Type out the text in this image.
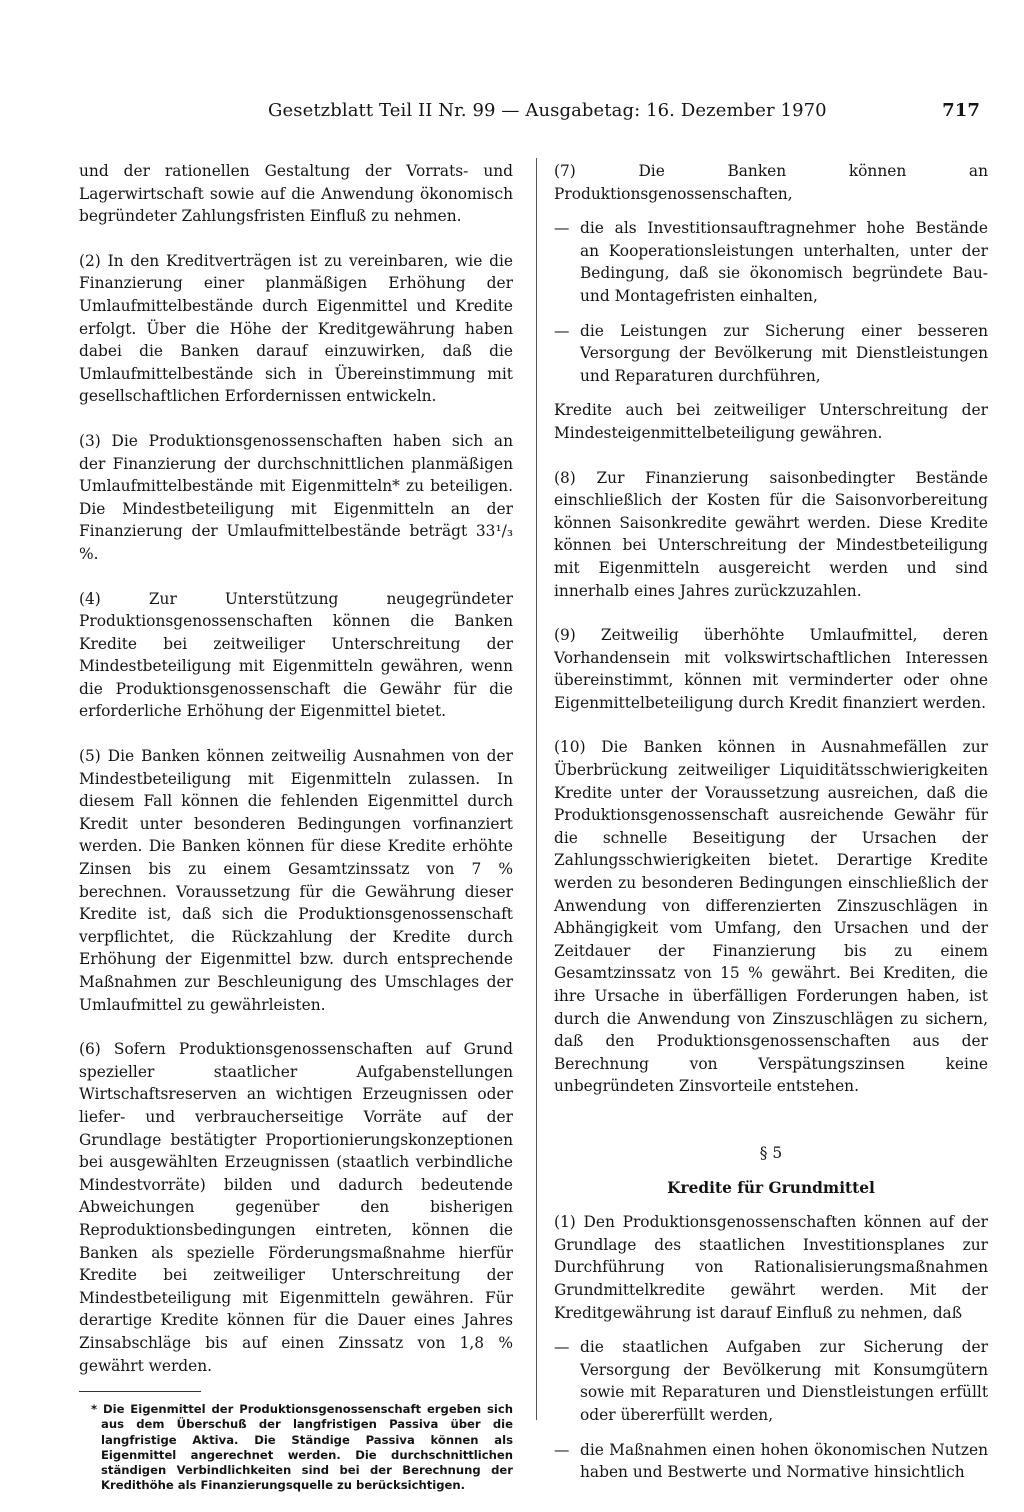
Gesetzblatt Teil II Nr. 99 — Ausgabetag: 16. Dezember 1970	717

und der rationellen Gestaltung der Vorrats- und Lagerwirtschaft sowie auf die Anwendung ökonomisch begründeter Zahlungsfristen Einfluß zu nehmen.

(2) In den Kreditverträgen ist zu vereinbaren, wie die Finanzierung einer planmäßigen Erhöhung der Umlaufmittelbestände durch Eigenmittel und Kredite erfolgt. Über die Höhe der Kreditgewährung haben dabei die Banken darauf einzuwirken, daß die Umlaufmittelbestände sich in Übereinstimmung mit gesellschaftlichen Erfordernissen entwickeln.

(3) Die Produktionsgenossenschaften haben sich an der Finanzierung der durchschnittlichen planmäßigen Umlaufmittelbestände mit Eigenmitteln* zu beteiligen. Die Mindestbeteiligung mit Eigenmitteln an der Finanzierung der Umlaufmittelbestände beträgt 33¹/₃ %.

(4) Zur Unterstützung neugegründeter Produktionsgenossenschaften können die Banken Kredite bei zeitweiliger Unterschreitung der Mindestbeteiligung mit Eigenmitteln gewähren, wenn die Produktionsgenossenschaft die Gewähr für die erforderliche Erhöhung der Eigenmittel bietet.

(5) Die Banken können zeitweilig Ausnahmen von der Mindestbeteiligung mit Eigenmitteln zulassen. In diesem Fall können die fehlenden Eigenmittel durch Kredit unter besonderen Bedingungen vorfinanziert werden. Die Banken können für diese Kredite erhöhte Zinsen bis zu einem Gesamtzinssatz von 7 % berechnen. Voraussetzung für die Gewährung dieser Kredite ist, daß sich die Produktionsgenossenschaft verpflichtet, die Rückzahlung der Kredite durch Erhöhung der Eigenmittel bzw. durch entsprechende Maßnahmen zur Beschleunigung des Umschlages der Umlaufmittel zu gewährleisten.

(6) Sofern Produktionsgenossenschaften auf Grund spezieller staatlicher Aufgabenstellungen Wirtschaftsreserven an wichtigen Erzeugnissen oder liefer- und verbraucherseitige Vorräte auf der Grundlage bestätigter Proportionierungskonzeptionen bei ausgewählten Erzeugnissen (staatlich verbindliche Mindestvorräte) bilden und dadurch bedeutende Abweichungen gegenüber den bisherigen Reproduktionsbedingungen eintreten, können die Banken als spezielle Förderungsmaßnahme hierfür Kredite bei zeitweiliger Unterschreitung der Mindestbeteiligung mit Eigenmitteln gewähren. Für derartige Kredite können für die Dauer eines Jahres Zinsabschläge bis auf einen Zinssatz von 1,8 % gewährt werden.

* Die Eigenmittel der Produktionsgenossenschaft ergeben sich aus dem Überschuß der langfristigen Passiva über die langfristige Aktiva. Die Ständige Passiva können als Eigenmittel angerechnet werden. Die durchschnittlichen ständigen Verbindlichkeiten sind bei der Berechnung der Kredithöhe als Finanzierungsquelle zu berücksichtigen.

(7) Die Banken können an Produktionsgenossenschaften,

— die als Investitionsauftragnehmer hohe Bestände an Kooperationsleistungen unterhalten, unter der Bedingung, daß sie ökonomisch begründete Bau- und Montagefristen einhalten,
— die Leistungen zur Sicherung einer besseren Versorgung der Bevölkerung mit Dienstleistungen und Reparaturen durchführen,

Kredite auch bei zeitweiliger Unterschreitung der Mindesteigenmittelbeteiligung gewähren.

(8) Zur Finanzierung saisonbedingter Bestände einschließlich der Kosten für die Saisonvorbereitung können Saisonkredite gewährt werden. Diese Kredite können bei Unterschreitung der Mindestbeteiligung mit Eigenmitteln ausgereicht werden und sind innerhalb eines Jahres zurückzuzahlen.

(9) Zeitweilig überhöhte Umlaufmittel, deren Vorhandensein mit volkswirtschaftlichen Interessen übereinstimmt, können mit verminderter oder ohne Eigenmittelbeteiligung durch Kredit finanziert werden.

(10) Die Banken können in Ausnahmefällen zur Überbrückung zeitweiliger Liquiditätsschwierigkeiten Kredite unter der Voraussetzung ausreichen, daß die Produktionsgenossenschaft ausreichende Gewähr für die schnelle Beseitigung der Ursachen der Zahlungsschwierigkeiten bietet. Derartige Kredite werden zu besonderen Bedingungen einschließlich der Anwendung von differenzierten Zinszuschlägen in Abhängigkeit vom Umfang, den Ursachen und der Zeitdauer der Finanzierung bis zu einem Gesamtzinssatz von 15 % gewährt. Bei Krediten, die ihre Ursache in überfälligen Forderungen haben, ist durch die Anwendung von Zinszuschlägen zu sichern, daß den Produktionsgenossenschaften aus der Berechnung von Verspätungszinsen keine unbegründeten Zinsvorteile entstehen.

§ 5

Kredite für Grundmittel

(1) Den Produktionsgenossenschaften können auf der Grundlage des staatlichen Investitionsplanes zur Durchführung von Rationalisierungsmaßnahmen Grundmittelkredite gewährt werden. Mit der Kreditgewährung ist darauf Einfluß zu nehmen, daß

— die staatlichen Aufgaben zur Sicherung der Versorgung der Bevölkerung mit Konsumgütern sowie mit Reparaturen und Dienstleistungen erfüllt oder übererfüllt werden,
— die Maßnahmen einen hohen ökonomischen Nutzen haben und Bestwerte und Normative hinsichtlich
